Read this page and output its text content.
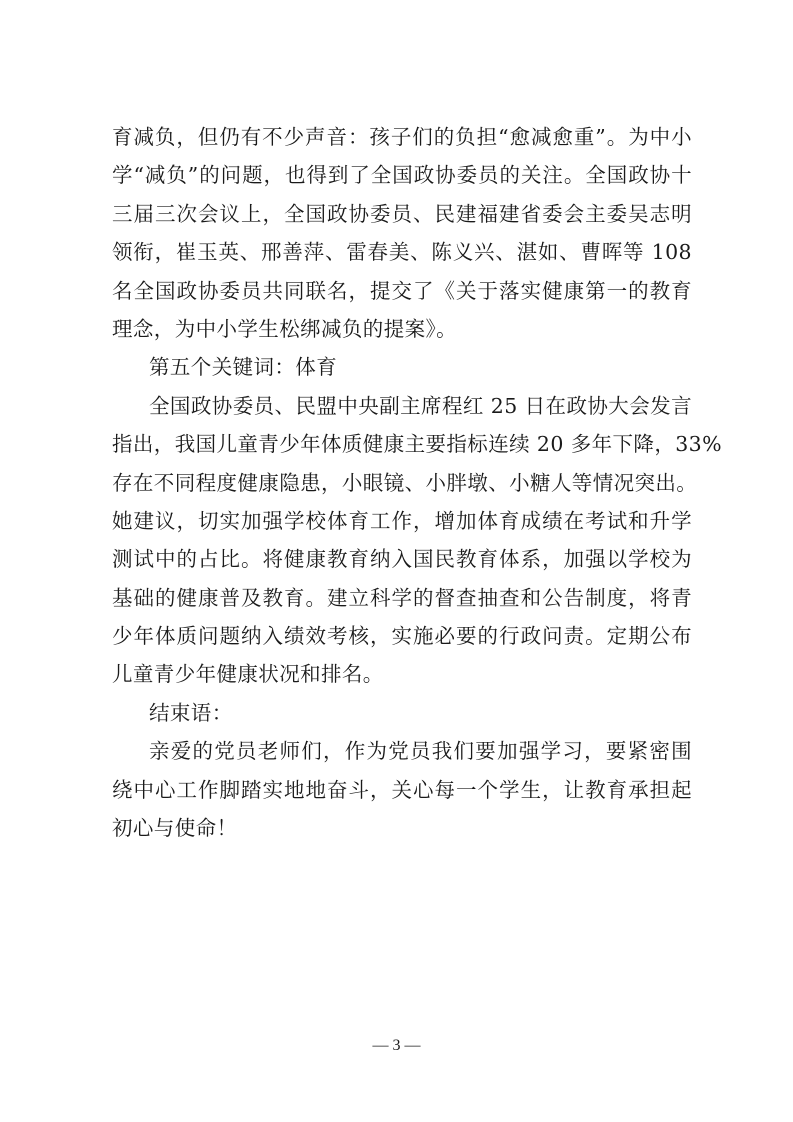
育减负，但仍有不少声音：孩子们的负担“愈减愈重”。为中小
学“减负”的问题，也得到了全国政协委员的关注。全国政协十
三届三次会议上，全国政协委员、民建福建省委会主委吴志明
领衔，崔玉英、邢善萍、雷春美、陈义兴、湛如、曹晖等 108
名全国政协委员共同联名，提交了《关于落实健康第一的教育
理念，为中小学生松绑减负的提案》。
第五个关键词：体育
全国政协委员、民盟中央副主席程红 25 日在政协大会发言
指出，我国儿童青少年体质健康主要指标连续 20 多年下降，33%
存在不同程度健康隐患，小眼镜、小胖墩、小糖人等情况突出。
她建议，切实加强学校体育工作，增加体育成绩在考试和升学
测试中的占比。将健康教育纳入国民教育体系，加强以学校为
基础的健康普及教育。建立科学的督查抽查和公告制度，将青
少年体质问题纳入绩效考核，实施必要的行政问责。定期公布
儿童青少年健康状况和排名。
结束语：
亲爱的党员老师们，作为党员我们要加强学习，要紧密围
绕中心工作脚踏实地地奋斗，关心每一个学生，让教育承担起
初心与使命！
— 3 —
